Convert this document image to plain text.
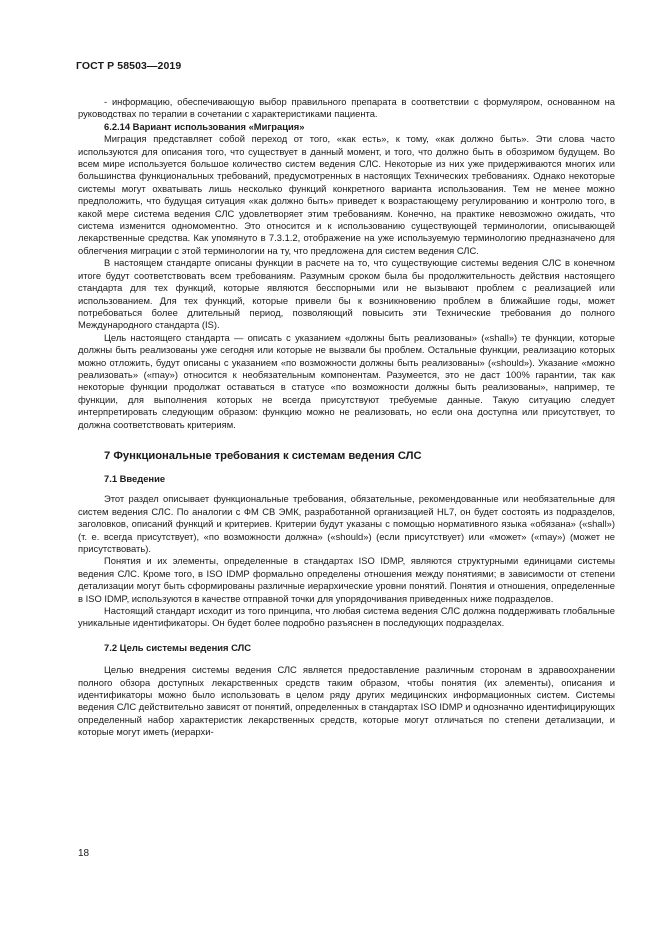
ГОСТ Р 58503—2019

- информацию, обеспечивающую выбор правильного препарата в соответствии с формуляром, основанном на руководствах по терапии в сочетании с характеристиками пациента.

6.2.14 Вариант использования «Миграция»

Миграция представляет собой переход от того, «как есть», к тому, «как должно быть». Эти слова часто используются для описания того, что существует в данный момент, и того, что должно быть в обозримом будущем. Во всем мире используется большое количество систем ведения СЛС. Некоторые из них уже придерживаются многих или большинства функциональных требований, предусмотренных в настоящих Технических требованиях. Однако некоторые системы могут охватывать лишь несколько функций конкретного варианта использования. Тем не менее можно предположить, что будущая ситуация «как должно быть» приведет к возрастающему регулированию и контролю того, в какой мере система ведения СЛС удовлетворяет этим требованиям. Конечно, на практике невозможно ожидать, что система изменится одномоментно. Это относится и к использованию существующей терминологии, описывающей лекарственные средства. Как упомянуто в 7.3.1.2, отображение на уже используемую терминологию предназначено для облегчения миграции с этой терминологии на ту, что предложена для систем ведения СЛС.

В настоящем стандарте описаны функции в расчете на то, что существующие системы ведения СЛС в конечном итоге будут соответствовать всем требованиям. Разумным сроком была бы продолжительность действия настоящего стандарта для тех функций, которые являются бесспорными или не вызывают проблем с реализацией или использованием. Для тех функций, которые привели бы к возникновению проблем в ближайшие годы, может потребоваться более длительный период, позволяющий повысить эти Технические требования до полного Международного стандарта (IS).

Цель настоящего стандарта — описать с указанием «должны быть реализованы» («shall») те функции, которые должны быть реализованы уже сегодня или которые не вызвали бы проблем. Остальные функции, реализацию которых можно отложить, будут описаны с указанием «по возможности должны быть реализованы» («should»). Указание «можно реализовать» («may») относится к необязательным компонентам. Разумеется, это не даст 100% гарантии, так как некоторые функции продолжат оставаться в статусе «по возможности должны быть реализованы», например, те функции, для выполнения которых не всегда присутствуют требуемые данные. Такую ситуацию следует интерпретировать следующим образом: функцию можно не реализовать, но если она доступна или присутствует, то должна соответствовать критериям.

7 Функциональные требования к системам ведения СЛС
7.1 Введение

Этот раздел описывает функциональные требования, обязательные, рекомендованные или необязательные для систем ведения СЛС. По аналогии с ФМ СВ ЭМК, разработанной организацией HL7, он будет состоять из подразделов, заголовков, описаний функций и критериев. Критерии будут указаны с помощью нормативного языка «обязана» («shall») (т. е. всегда присутствует), «по возможности должна» («should») (если присутствует) или «может» («may») (может не присутствовать).

Понятия и их элементы, определенные в стандартах ISO IDMP, являются структурными единицами системы ведения СЛС. Кроме того, в ISO IDMP формально определены отношения между понятиями; в зависимости от степени детализации могут быть сформированы различные иерархические уровни понятий. Понятия и отношения, определенные в ISO IDMP, используются в качестве отправной точки для упорядочивания приведенных ниже подразделов.

Настоящий стандарт исходит из того принципа, что любая система ведения СЛС должна поддерживать глобальные уникальные идентификаторы. Он будет более подробно разъяснен в последующих подразделах.

7.2 Цель системы ведения СЛС

Целью внедрения системы ведения СЛС является предоставление различным сторонам в здравоохранении полного обзора доступных лекарственных средств таким образом, чтобы понятия (их элементы), описания и идентификаторы можно было использовать в целом ряду других медицинских информационных систем. Системы ведения СЛС действительно зависят от понятий, определенных в стандартах ISO IDMP и однозначно идентифицирующих определенный набор характеристик лекарственных средств, которые могут отличаться по степени детализации, и которые могут иметь (иерархи-

18
